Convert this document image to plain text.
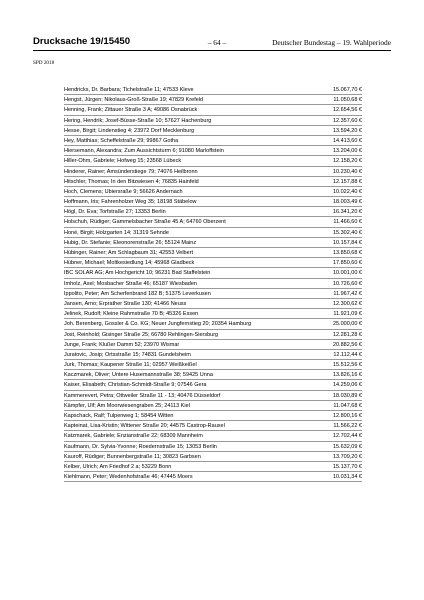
Drucksache 19/15450	– 64 –	Deutscher Bundestag – 19. Wahlperiode
SPD 2018
Hendricks, Dr. Barbara; Tichelstraße 11; 47533 Kleve	15.067,70 €
Hengst, Jürgen; Nikolaus-Groß-Straße 19; 47829 Krefeld	11.050,68 €
Henning, Frank; Zittauer Straße 3 A; 49086 Osnabrück	12.654,56 €
Hering, Hendrik; Josef-Büsse-Straße 10; 57627 Hachenburg	12.357,60 €
Hesse, Birgit; Lindenstieg 4; 23972 Dorf Mecklenburg	13.594,20 €
Hey, Matthias; Scheffelstraße 29; 99867 Gotha	14.413,60 €
Hiersemann, Alexandra; Zum Aussichtsturm 6; 91080 Marloffstein	13.204,00 €
Hiller-Ohm, Gabriele; Hofweg 15; 23568 Lübeck	12.158,20 €
Hinderer, Rainer; Amsünderstiege 79; 74076 Heilbronn	10.230,40 €
Hitschler, Thomas; In den Bitzwiesen 4; 76835 Hainfeld	12.157,88 €
Hoch, Clemens; Ubiersraße 9; 56626 Andernach	10.022,40 €
Hoffmann, Iris; Fahrenholzer Weg 35; 18198 Stäbelow	18.003,49 €
Högl, Dr. Eva; Torfstraße 27; 13353 Berlin	16.341,20 €
Holschuh, Rüdiger; Gammelsbacher Straße 45 A; 64760 Oberzent	11.466,60 €
Honé, Birgit; Holzgarten 14; 31319 Sehnde	15.302,40 €
Hubig, Dr. Stefanie; Eleonorenstraße 26; 55124 Mainz	10.157,84 €
Hübinger, Rainer; Am Schlagbaum 31; 42553 Velbert	13.850,68 €
Hübner, Michael; Moltkesiedlung 14; 45968 Gladbeck	17.850,60 €
IBC SOLAR AG; Am Hochgericht 10; 96231 Bad Staffelstein	10.001,00 €
Imholz, Axel; Mosbacher Straße 46; 65187 Wiesbaden	10.726,60 €
Ippolito, Peter; Am Scherfenbrand 182 B; 51375 Leverkusen	11.967,42 €
Jansen, Arno; Erprather Straße 130; 41466 Neuss	12.300,62 €
Jelinek, Rudolf; Kleine Rahmstraße 70 B; 45326 Essen	11.921,09 €
Joh. Berenberg, Gossler & Co. KG; Neuer Jungfernstieg 20; 20354 Hamburg	25.000,00 €
Jost, Reinhold; Gisinger Straße 25; 66780 Rehlingen-Siersburg	12.281,28 €
Junge, Frank; Klußer Damm 52; 23970 Wismar	20.882,56 €
Juratovic, Josip; Ortsstraße 15; 74831 Gundelsheim	12.112,44 €
Jurk, Thomas; Kaupener Straße 11; 02957 Weißkeißel	15.512,56 €
Kaczmarek, Oliver; Untere Husemannstraße 38; 59425 Unna	13.826,16 €
Kaiser, Elisabeth; Christian-Schmidt-Straße 9; 07546 Gera	14.259,06 €
Kammerevert, Petra; Ottweiler Straße 11 - 13; 40476 Düsseldorf	18.030,89 €
Kämpfer, Ulf; Am Moorwiesengraben 25; 24113 Kiel	11.047,68 €
Kapschack, Ralf; Tulpenweg 1; 58454 Witten	12.800,16 €
Kapteinat, Lisa-Kristin; Wittener Straße 20; 44575 Castrop-Rauxel	11.566,22 €
Katzmarek, Gabriele; Enzianstraße 22; 68309 Mannheim	12.702,44 €
Kaufmann, Dr. Sylvia-Yvonne; Roedernstraße 15; 13053 Berlin	15.632,09 €
Kauroff, Rüdiger; Bunnenbergstraße 11; 30823 Garbsen	13.709,20 €
Kelber, Ulrich; Am Friedhof 2 a; 53229 Bonn	15.137,70 €
Kiehlmann, Peter; Wedenhofstraße 46; 47445 Moers	10.031,34 €
